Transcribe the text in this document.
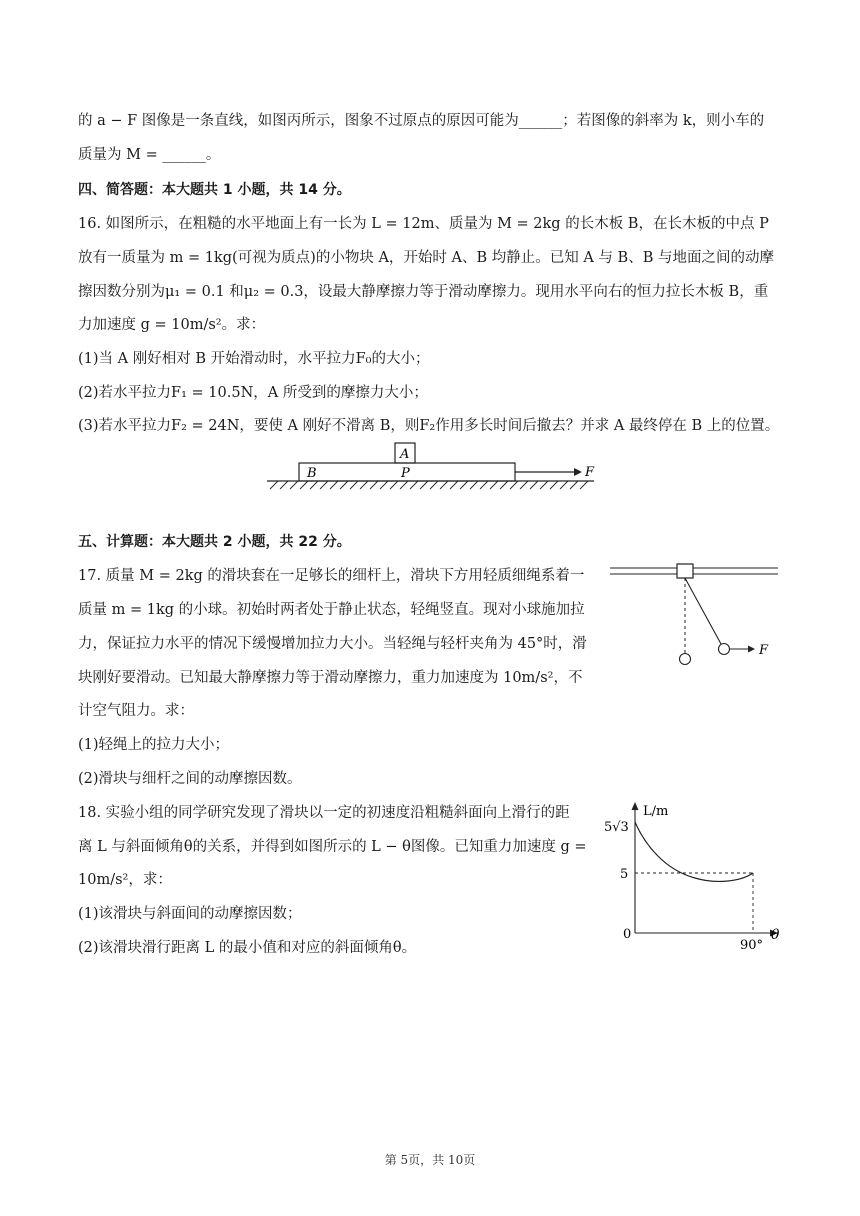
的 a − F 图像是一条直线，如图丙所示，图象不过原点的原因可能为______；若图像的斜率为 k，则小车的
质量为 M = ______。
四、简答题：本大题共 1 小题，共 14 分。
16. 如图所示，在粗糙的水平地面上有一长为 L = 12m、质量为 M = 2kg 的长木板 B，在长木板的中点 P
放有一质量为 m = 1kg(可视为质点)的小物块 A，开始时 A、B 均静止。已知 A 与 B、B 与地面之间的动摩
擦因数分别为μ₁ = 0.1 和μ₂ = 0.3，设最大静摩擦力等于滑动摩擦力。现用水平向右的恒力拉长木板 B，重
力加速度 g = 10m/s²。求：
(1)当 A 刚好相对 B 开始滑动时，水平拉力F₀的大小；
(2)若水平拉力F₁ = 10.5N，A 所受到的摩擦力大小；
(3)若水平拉力F₂ = 24N，要使 A 刚好不滑离 B，则F₂作用多长时间后撤去？并求 A 最终停在 B 上的位置。
A
B	P	F
五、计算题：本大题共 2 小题，共 22 分。
17. 质量 M = 2kg 的滑块套在一足够长的细杆上，滑块下方用轻质细绳系着一
质量 m = 1kg 的小球。初始时两者处于静止状态，轻绳竖直。现对小球施加拉
力，保证拉力水平的情况下缓慢增加拉力大小。当轻绳与轻杆夹角为 45°时，滑
块刚好要滑动。已知最大静摩擦力等于滑动摩擦力，重力加速度为 10m/s²，不
计空气阻力。求：
(1)轻绳上的拉力大小；
(2)滑块与细杆之间的动摩擦因数。
F
18. 实验小组的同学研究发现了滑块以一定的初速度沿粗糙斜面向上滑行的距
离 L 与斜面倾角θ的关系，并得到如图所示的 L − θ图像。已知重力加速度 g =
10m/s²，求：
(1)该滑块与斜面间的动摩擦因数；
(2)该滑块滑行距离 L 的最小值和对应的斜面倾角θ。
L/m
θ
5√3
5
0
90°
第 5页，共 10页
